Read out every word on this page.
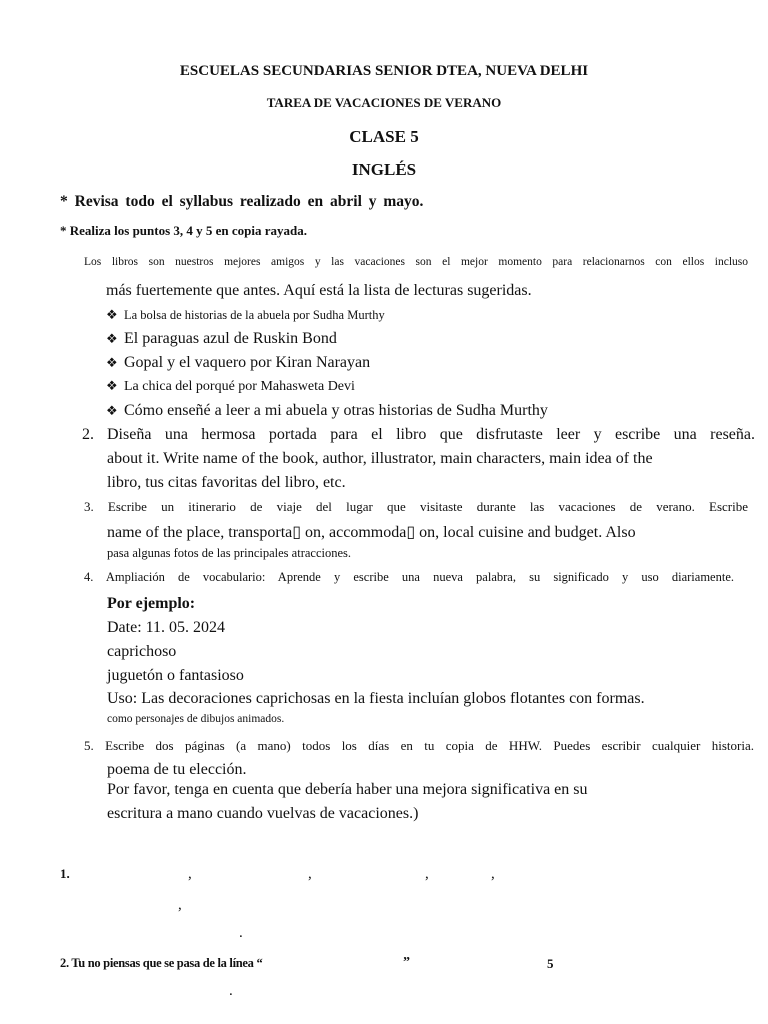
ESCUELAS SECUNDARIAS SENIOR DTEA, NUEVA DELHI
TAREA DE VACACIONES DE VERANO
CLASE 5
INGLÉS
* Revisa todo el syllabus realizado en abril y mayo.
* Realiza los puntos 3, 4 y 5 en copia rayada.
Los libros son nuestros mejores amigos y las vacaciones son el mejor momento para relacionarnos con ellos incluso
más fuertemente que antes. Aquí está la lista de lecturas sugeridas.
❖ La bolsa de historias de la abuela por Sudha Murthy
❖ El paraguas azul de Ruskin Bond
❖ Gopal y el vaquero por Kiran Narayan
❖ La chica del porqué por Mahasweta Devi
❖ Cómo enseñé a leer a mi abuela y otras historias de Sudha Murthy
2. Diseña una hermosa portada para el libro que disfrutaste leer y escribe una reseña.
about it. Write name of the book, author, illustrator, main characters, main idea of the
libro, tus citas favoritas del libro, etc.
3. Escribe un itinerario de viaje del lugar que visitaste durante las vacaciones de verano. Escribe
name of the place, transporta▯ on, accommoda▯ on, local cuisine and budget. Also
pasa algunas fotos de las principales atracciones.
4. Ampliación de vocabulario: Aprende y escribe una nueva palabra, su significado y uso diariamente.
Por ejemplo:
Date: 11. 05. 2024
caprichoso
juguetón o fantasioso
Uso: Las decoraciones caprichosas en la fiesta incluían globos flotantes con formas.
como personajes de dibujos animados.
5. Escribe dos páginas (a mano) todos los días en tu copia de HHW. Puedes escribir cualquier historia.
poema de tu elección.
Por favor, tenga en cuenta que debería haber una mejora significativa en su
escritura a mano cuando vuelvas de vacaciones.)
1.	,	,	,	,
,
.
2. Tu no piensas que se pasa de la línea “	”	5
.
